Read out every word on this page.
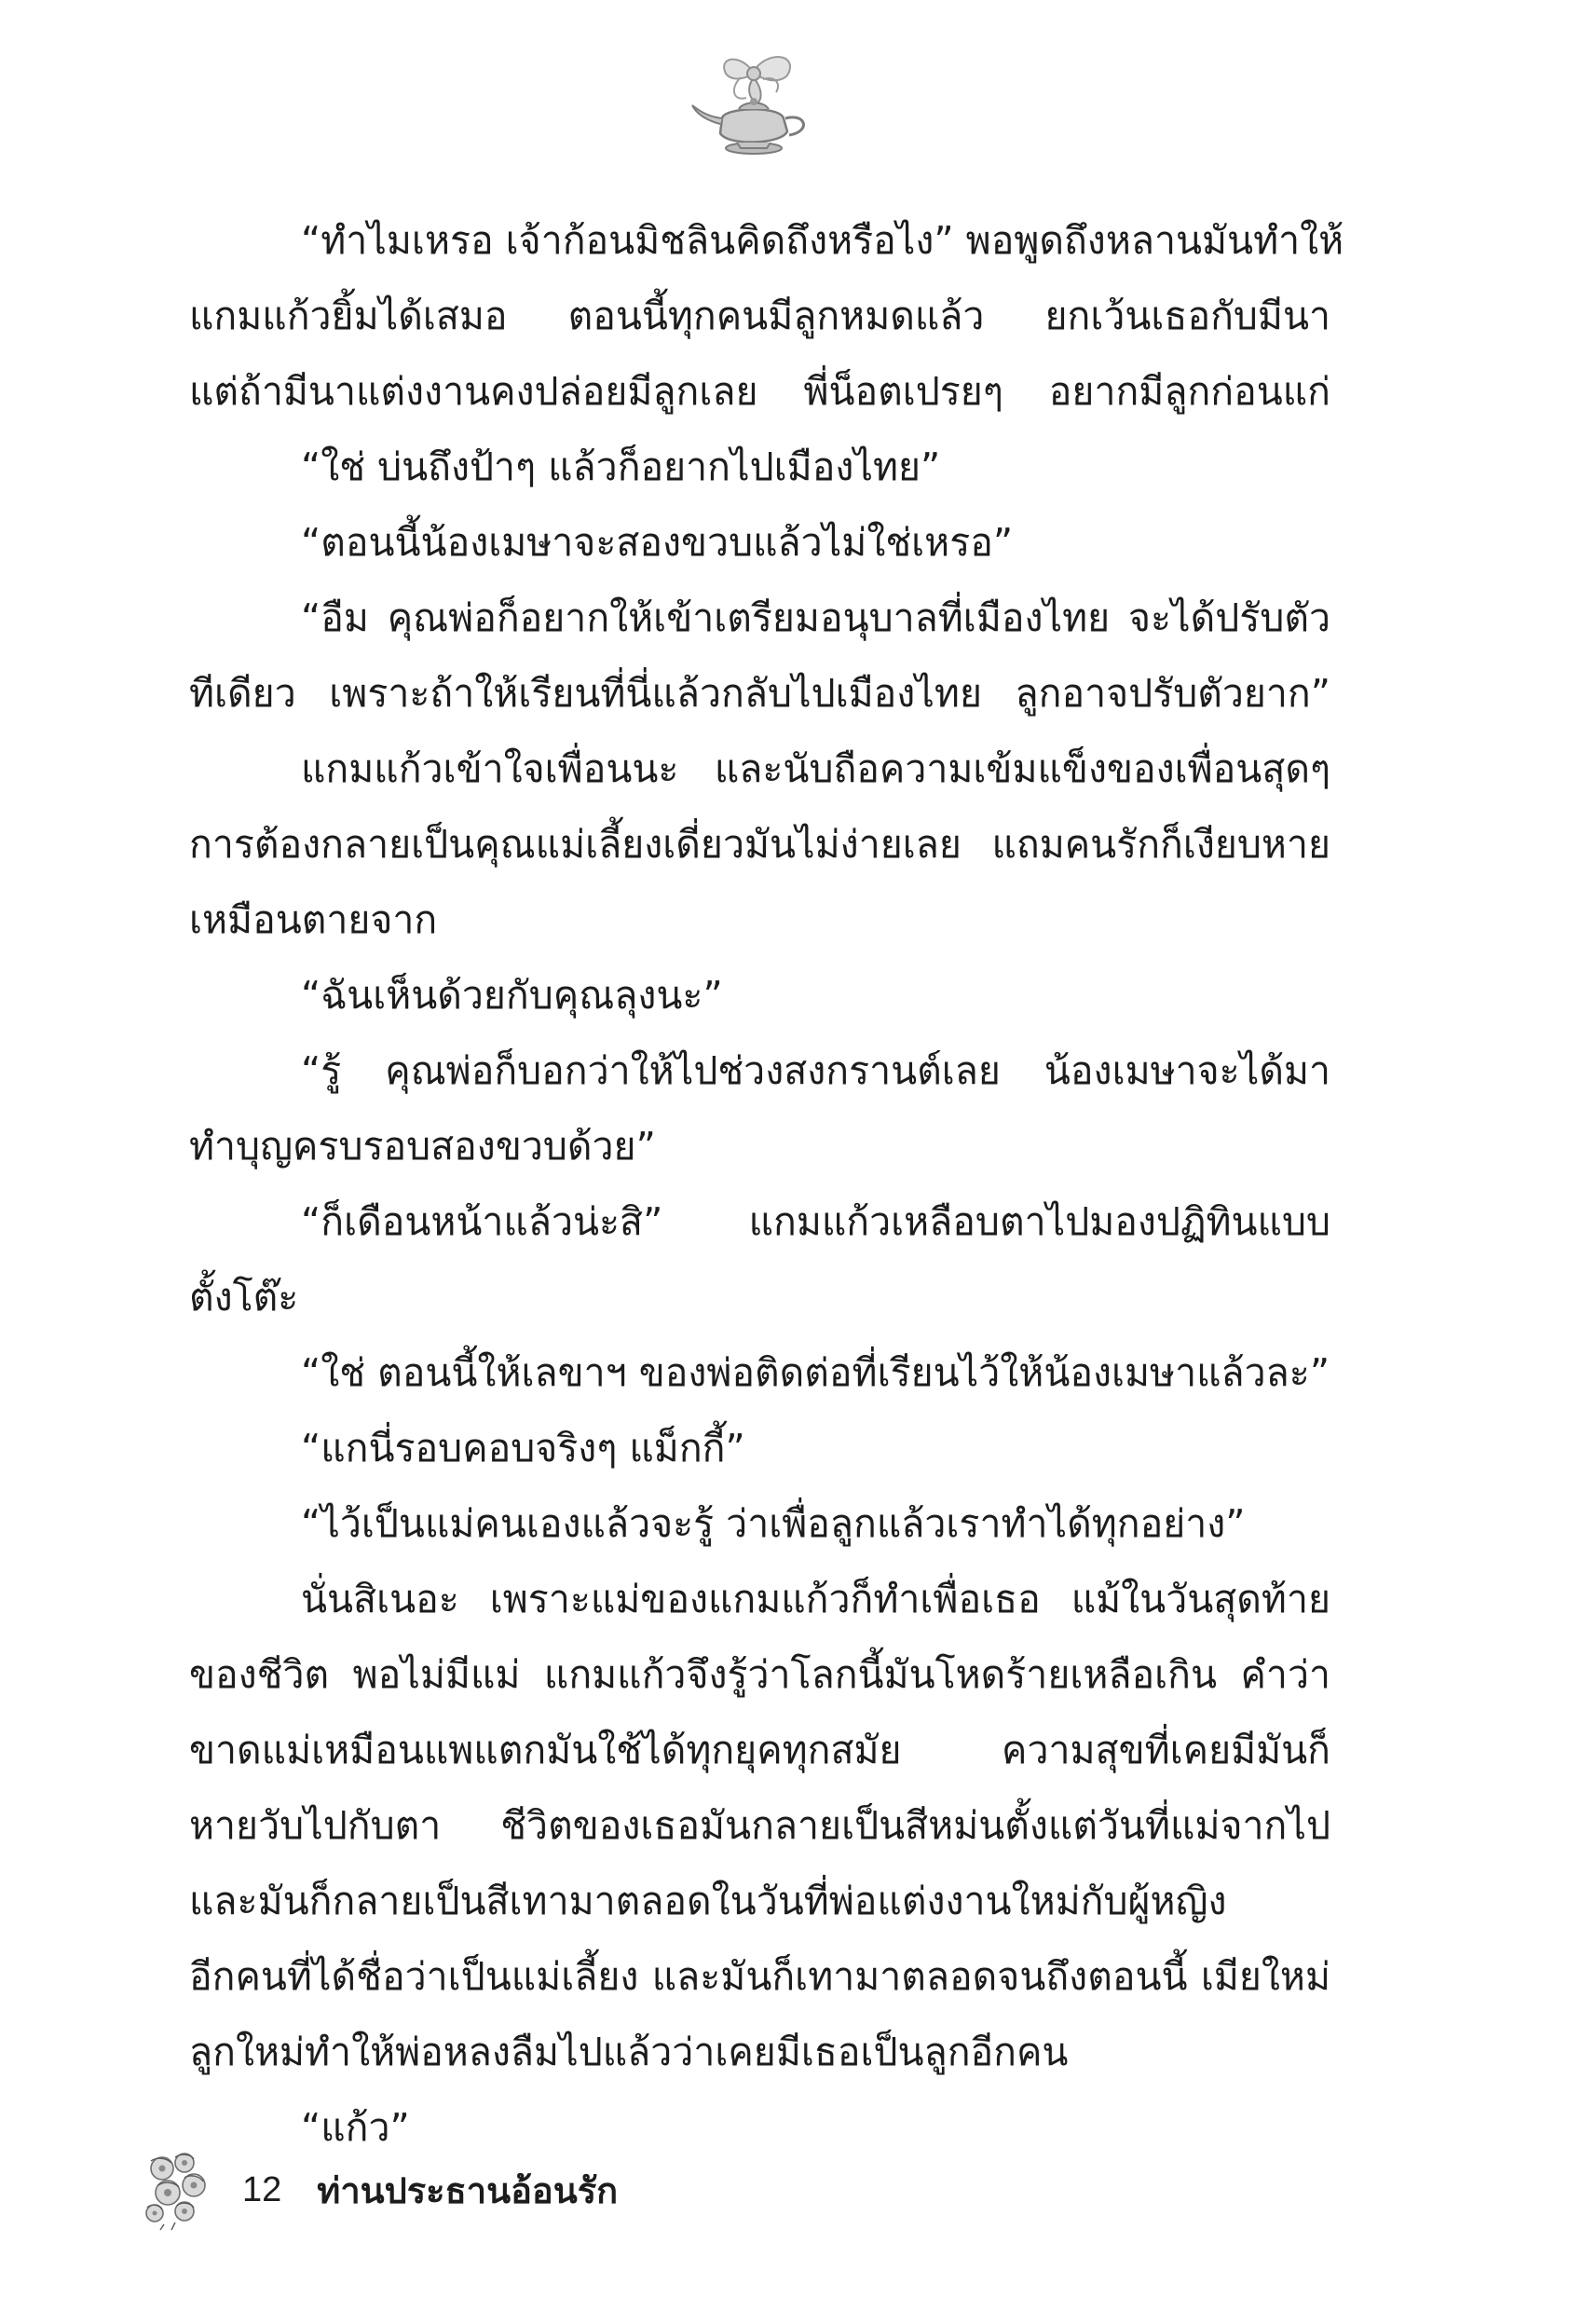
“ทำไมเหรอ เจ้าก้อนมิชลินคิดถึงหรือไง” พอพูดถึงหลานมันทำให้
แกมแก้วยิ้มได้เสมอ ตอนนี้ทุกคนมีลูกหมดแล้ว ยกเว้นเธอกับมีนา
แต่ถ้ามีนาแต่งงานคงปล่อยมีลูกเลย พี่น็อตเปรยๆ อยากมีลูกก่อนแก่
“ใช่ บ่นถึงป้าๆ แล้วก็อยากไปเมืองไทย”
“ตอนนี้น้องเมษาจะสองขวบแล้วไม่ใช่เหรอ”
“อืม คุณพ่อก็อยากให้เข้าเตรียมอนุบาลที่เมืองไทย จะได้ปรับตัว
ทีเดียว เพราะถ้าให้เรียนที่นี่แล้วกลับไปเมืองไทย ลูกอาจปรับตัวยาก”
แกมแก้วเข้าใจเพื่อนนะ และนับถือความเข้มแข็งของเพื่อนสุดๆ
การต้องกลายเป็นคุณแม่เลี้ยงเดี่ยวมันไม่ง่ายเลย แถมคนรักก็เงียบหาย
เหมือนตายจาก
“ฉันเห็นด้วยกับคุณลุงนะ”
“รู้ คุณพ่อก็บอกว่าให้ไปช่วงสงกรานต์เลย น้องเมษาจะได้มา
ทำบุญครบรอบสองขวบด้วย”
“ก็เดือนหน้าแล้วน่ะสิ” แกมแก้วเหลือบตาไปมองปฏิทินแบบ
ตั้งโต๊ะ
“ใช่ ตอนนี้ให้เลขาฯ ของพ่อติดต่อที่เรียนไว้ให้น้องเมษาแล้วละ”
“แกนี่รอบคอบจริงๆ แม็กกี้”
“ไว้เป็นแม่คนเองแล้วจะรู้ ว่าเพื่อลูกแล้วเราทำได้ทุกอย่าง”
นั่นสิเนอะ เพราะแม่ของแกมแก้วก็ทำเพื่อเธอ แม้ในวันสุดท้าย
ของชีวิต พอไม่มีแม่ แกมแก้วจึงรู้ว่าโลกนี้มันโหดร้ายเหลือเกิน คำว่า
ขาดแม่เหมือนแพแตกมันใช้ได้ทุกยุคทุกสมัย ความสุขที่เคยมีมันก็
หายวับไปกับตา ชีวิตของเธอมันกลายเป็นสีหม่นตั้งแต่วันที่แม่จากไป
และมันก็กลายเป็นสีเทามาตลอดในวันที่พ่อแต่งงานใหม่กับผู้หญิง
อีกคนที่ได้ชื่อว่าเป็นแม่เลี้ยง และมันก็เทามาตลอดจนถึงตอนนี้ เมียใหม่
ลูกใหม่ทำให้พ่อหลงลืมไปแล้วว่าเคยมีเธอเป็นลูกอีกคน
“แก้ว”
12 ท่านประธานอ้อนรัก
